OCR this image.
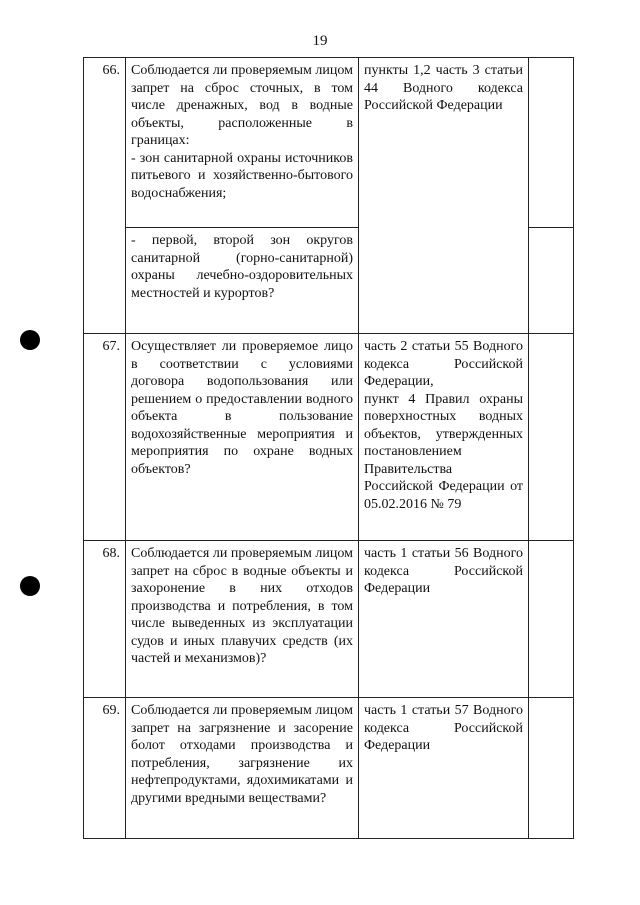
19
66.	Соблюдается ли проверяемым лицом запрет на сброс сточных, в том числе дренажных, вод в водные объекты, расположенные в границах:
- зон санитарной охраны источников питьевого и хозяйственно-бытового водоснабжения;	пункты 1,2 часть 3 статьи 44 Водного кодекса Российской Федерации	
	- первой, второй зон округов санитарной (горно-санитарной) охраны лечебно-оздоровительных местностей и курортов?		
67.	Осуществляет ли проверяемое лицо в соответствии с условиями договора водопользования или решением о предоставлении водного объекта в пользование водохозяйственные мероприятия и мероприятия по охране водных объектов?	часть 2 статьи 55 Водного кодекса Российской Федерации,
пункт 4 Правил охраны поверхностных водных объектов, утвержденных постановлением Правительства Российской Федерации от 05.02.2016 № 79	
68.	Соблюдается ли проверяемым лицом запрет на сброс в водные объекты и захоронение в них отходов производства и потребления, в том числе выведенных из эксплуатации судов и иных плавучих средств (их частей и механизмов)?	часть 1 статьи 56 Водного кодекса Российской Федерации	
69.	Соблюдается ли проверяемым лицом запрет на загрязнение и засорение болот отходами производства и потребления, загрязнение их нефтепродуктами, ядохимикатами и другими вредными веществами?	часть 1 статьи 57 Водного кодекса Российской Федерации	
